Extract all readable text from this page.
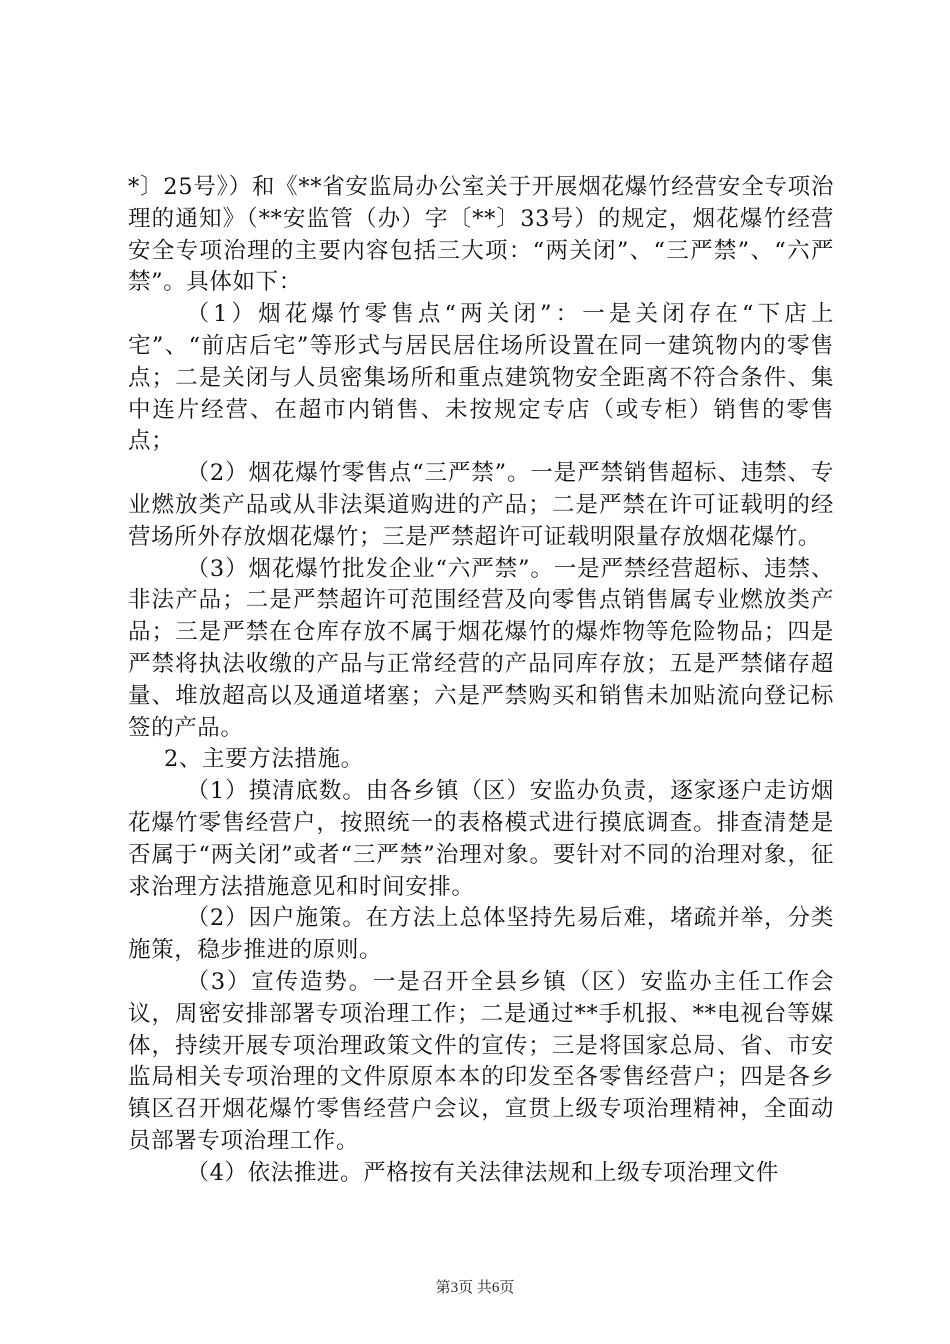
*〕25号》）和《**省安监局办公室关于开展烟花爆竹经营安全专项治理的通知》（**安监管（办）字〔**〕33号）的规定，烟花爆竹经营安全专项治理的主要内容包括三大项：“两关闭”、“三严禁”、“六严禁”。具体如下：

（1）烟花爆竹零售点“两关闭”：一是关闭存在“下店上宅”、“前店后宅”等形式与居民居住场所设置在同一建筑物内的零售点；二是关闭与人员密集场所和重点建筑物安全距离不符合条件、集中连片经营、在超市内销售、未按规定专店（或专柜）销售的零售点；

（2）烟花爆竹零售点“三严禁”。一是严禁销售超标、违禁、专业燃放类产品或从非法渠道购进的产品；二是严禁在许可证载明的经营场所外存放烟花爆竹；三是严禁超许可证载明限量存放烟花爆竹。

（3）烟花爆竹批发企业“六严禁”。一是严禁经营超标、违禁、非法产品；二是严禁超许可范围经营及向零售点销售属专业燃放类产品；三是严禁在仓库存放不属于烟花爆竹的爆炸物等危险物品；四是严禁将执法收缴的产品与正常经营的产品同库存放；五是严禁储存超量、堆放超高以及通道堵塞；六是严禁购买和销售未加贴流向登记标签的产品。

2、主要方法措施。

（1）摸清底数。由各乡镇（区）安监办负责，逐家逐户走访烟花爆竹零售经营户，按照统一的表格模式进行摸底调查。排查清楚是否属于“两关闭”或者“三严禁”治理对象。要针对不同的治理对象，征求治理方法措施意见和时间安排。

（2）因户施策。在方法上总体坚持先易后难，堵疏并举，分类施策，稳步推进的原则。

（3）宣传造势。一是召开全县乡镇（区）安监办主任工作会议，周密安排部署专项治理工作；二是通过**手机报、**电视台等媒体，持续开展专项治理政策文件的宣传；三是将国家总局、省、市安监局相关专项治理的文件原原本本的印发至各零售经营户；四是各乡镇区召开烟花爆竹零售经营户会议，宣贯上级专项治理精神，全面动员部署专项治理工作。

（4）依法推进。严格按有关法律法规和上级专项治理文件

第3页 共6页
